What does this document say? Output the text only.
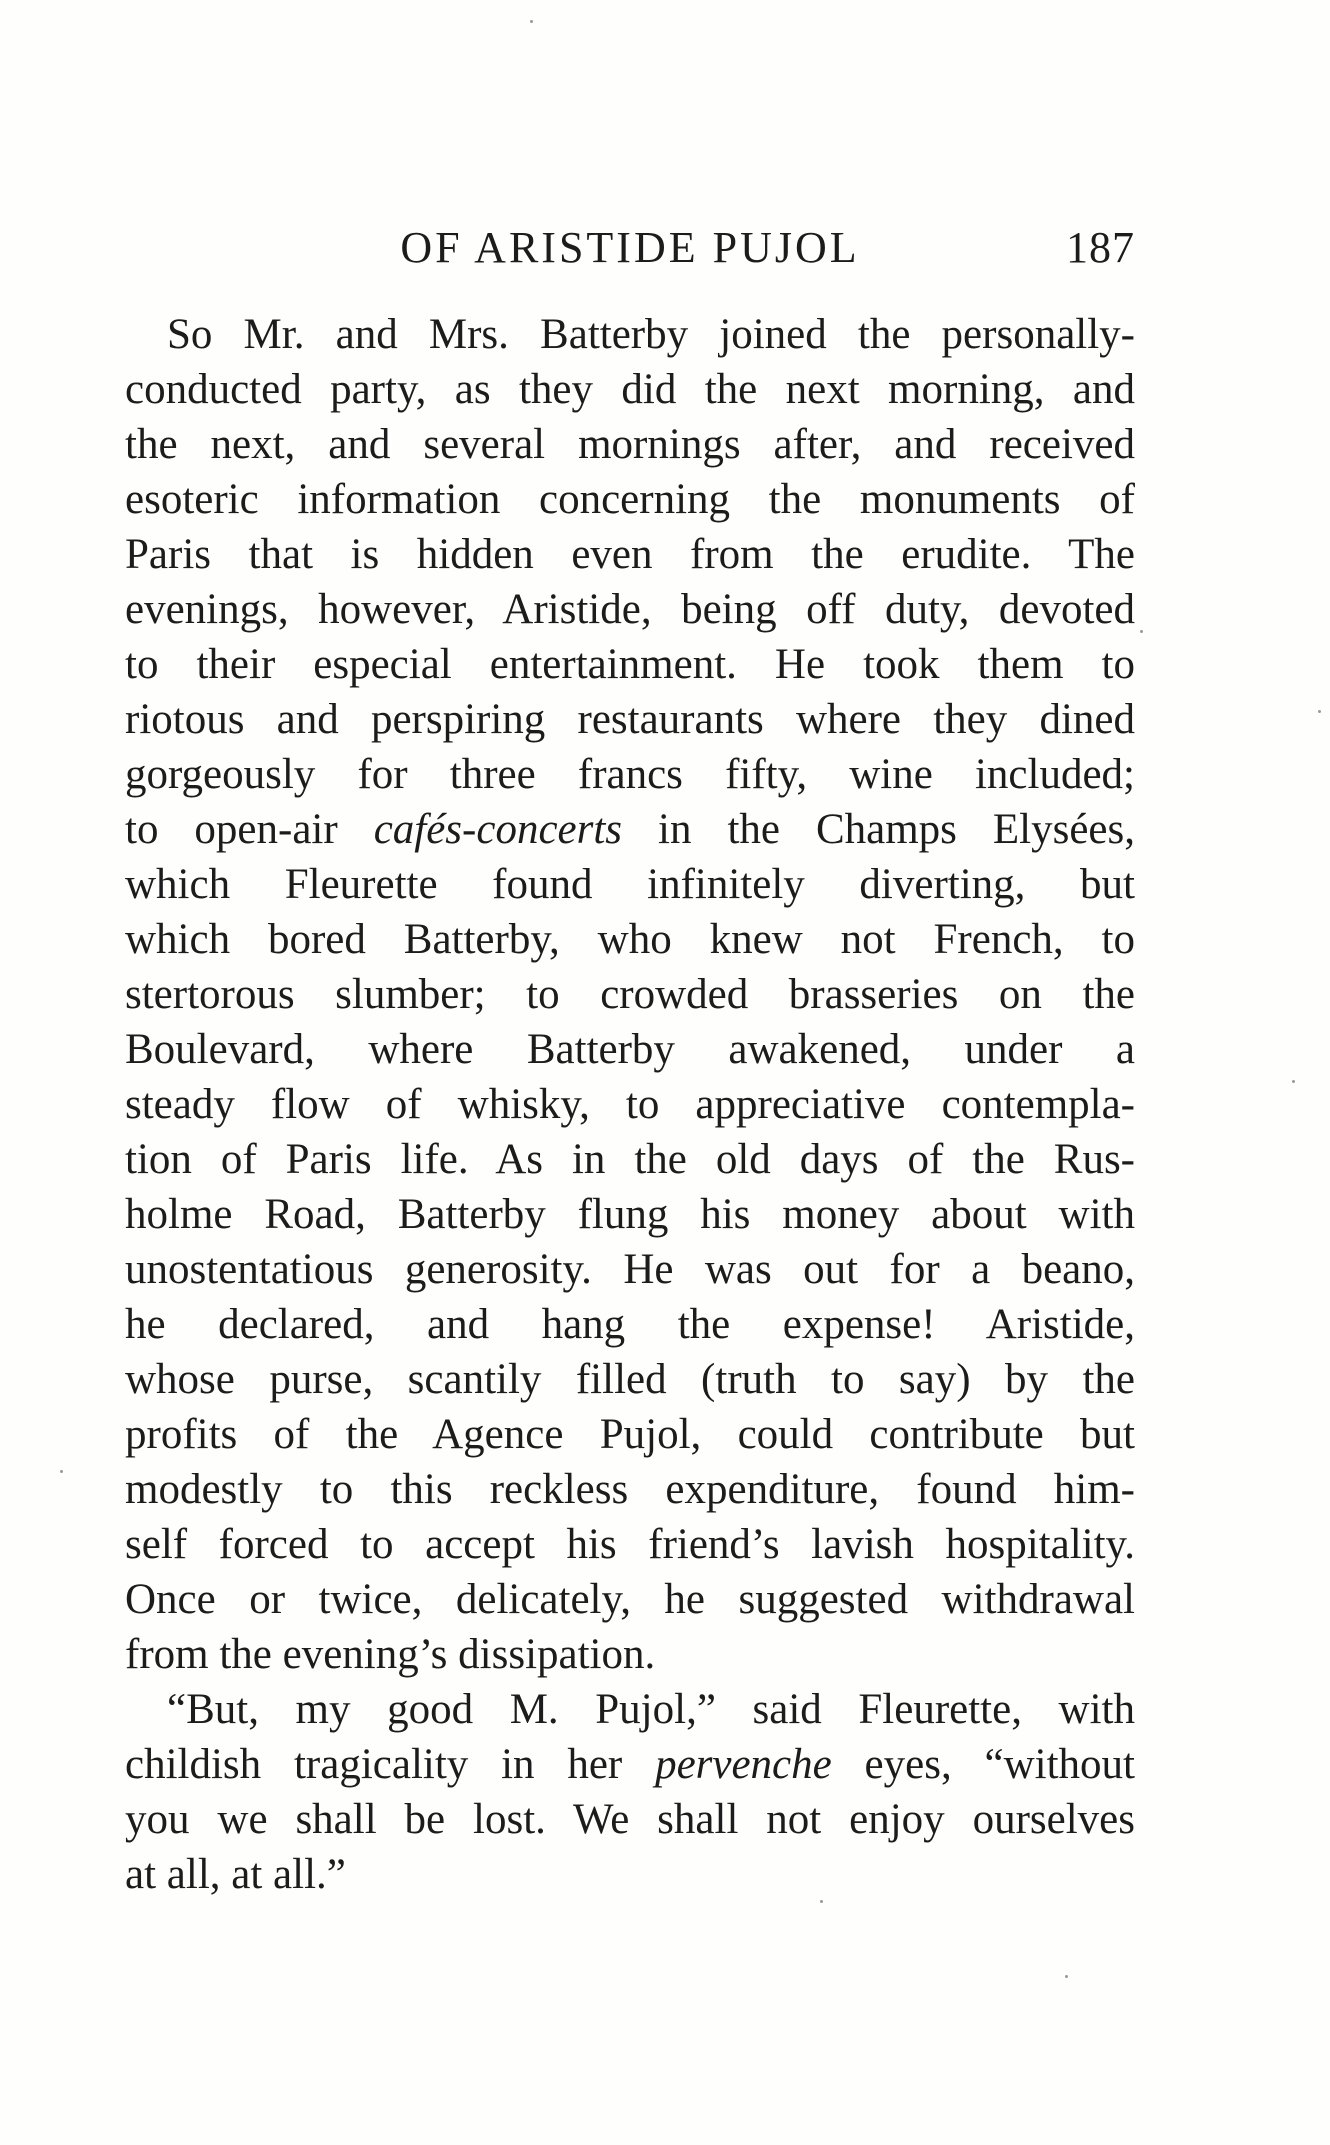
OF ARISTIDE PUJOL	187
So Mr. and Mrs. Batterby joined the personally-
conducted party, as they did the next morning, and
the next, and several mornings after, and received
esoteric information concerning the monuments of
Paris that is hidden even from the erudite. The
evenings, however, Aristide, being off duty, devoted
to their especial entertainment. He took them to
riotous and perspiring restaurants where they dined
gorgeously for three francs fifty, wine included;
to open-air cafés-concerts in the Champs Elysées,
which Fleurette found infinitely diverting, but
which bored Batterby, who knew not French, to
stertorous slumber; to crowded brasseries on the
Boulevard, where Batterby awakened, under a
steady flow of whisky, to appreciative contempla-
tion of Paris life. As in the old days of the Rus-
holme Road, Batterby flung his money about with
unostentatious generosity. He was out for a beano,
he declared, and hang the expense! Aristide,
whose purse, scantily filled (truth to say) by the
profits of the Agence Pujol, could contribute but
modestly to this reckless expenditure, found him-
self forced to accept his friend’s lavish hospitality.
Once or twice, delicately, he suggested withdrawal
from the evening’s dissipation.
“But, my good M. Pujol,” said Fleurette, with
childish tragicality in her pervenche eyes, “without
you we shall be lost. We shall not enjoy ourselves
at all, at all.”
